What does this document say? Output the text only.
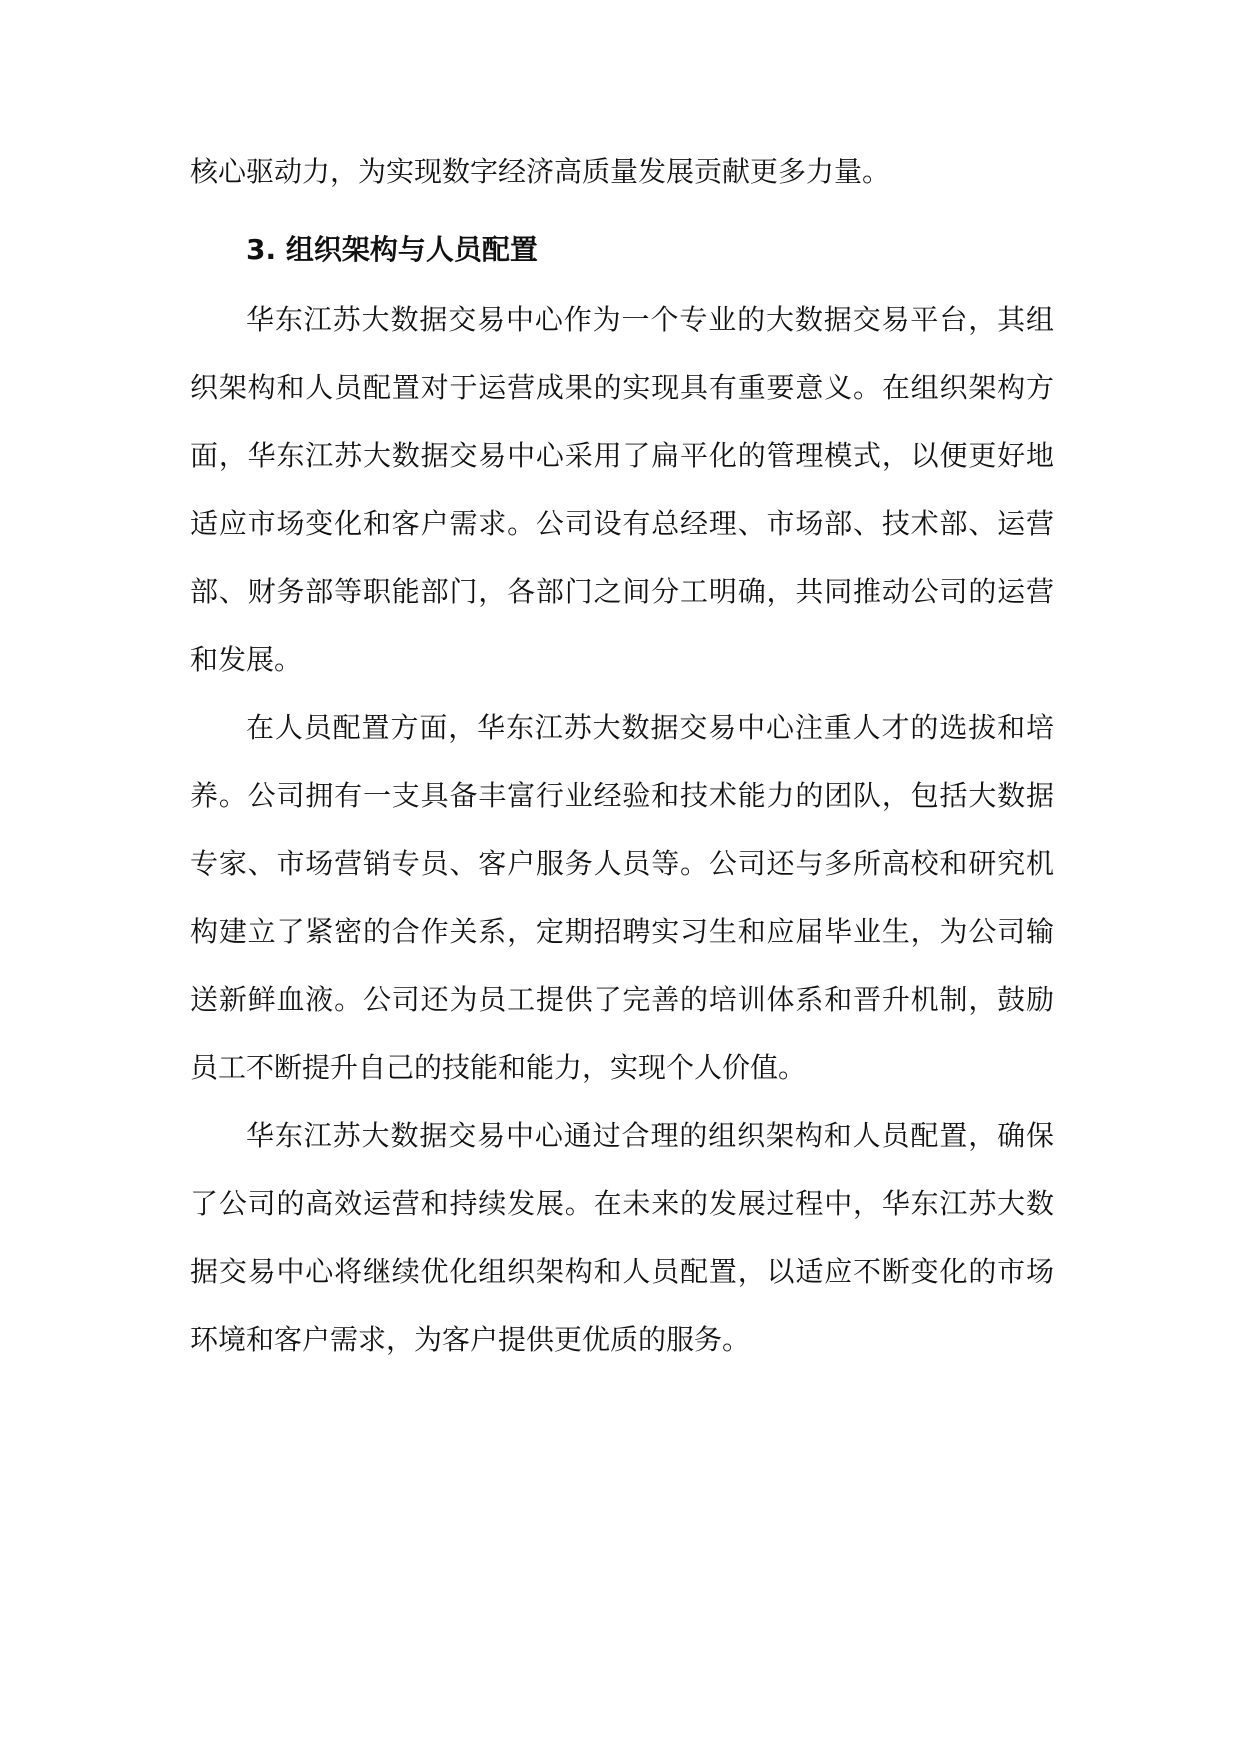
核心驱动力，为实现数字经济高质量发展贡献更多力量。
3. 组织架构与人员配置
华东江苏大数据交易中心作为一个专业的大数据交易平台，其组
织架构和人员配置对于运营成果的实现具有重要意义。在组织架构方
面，华东江苏大数据交易中心采用了扁平化的管理模式，以便更好地
适应市场变化和客户需求。公司设有总经理、市场部、技术部、运营
部、财务部等职能部门，各部门之间分工明确，共同推动公司的运营
和发展。
在人员配置方面，华东江苏大数据交易中心注重人才的选拔和培
养。公司拥有一支具备丰富行业经验和技术能力的团队，包括大数据
专家、市场营销专员、客户服务人员等。公司还与多所高校和研究机
构建立了紧密的合作关系，定期招聘实习生和应届毕业生，为公司输
送新鲜血液。公司还为员工提供了完善的培训体系和晋升机制，鼓励
员工不断提升自己的技能和能力，实现个人价值。
华东江苏大数据交易中心通过合理的组织架构和人员配置，确保
了公司的高效运营和持续发展。在未来的发展过程中，华东江苏大数
据交易中心将继续优化组织架构和人员配置，以适应不断变化的市场
环境和客户需求，为客户提供更优质的服务。
